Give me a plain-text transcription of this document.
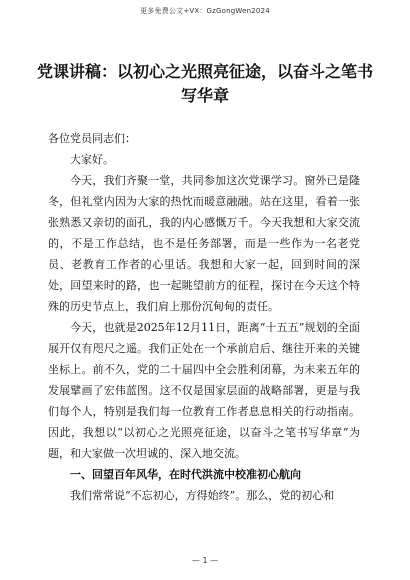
更多免费公文+VX：GzGongWen2024
党课讲稿：以初心之光照亮征途，以奋斗之笔书写华章

各位党员同志们：

大家好。

今天，我们齐聚一堂，共同参加这次党课学习。窗外已是隆冬，但礼堂内因为大家的热忱而暖意融融。站在这里，看着一张张熟悉又亲切的面孔，我的内心感慨万千。今天我想和大家交流的，不是工作总结，也不是任务部署，而是一些作为一名老党员、老教育工作者的心里话。我想和大家一起，回到时间的深处，回望来时的路，也一起眺望前方的征程，探讨在今天这个特殊的历史节点上，我们肩上那份沉甸甸的责任。

今天，也就是2025年12月11日，距离“十五五”规划的全面展开仅有咫尺之遥。我们正处在一个承前启后、继往开来的关键坐标上。前不久，党的二十届四中全会胜利闭幕，为未来五年的发展擘画了宏伟蓝图。这不仅是国家层面的战略部署，更是与我们每个人，特别是我们每一位教育工作者息息相关的行动指南。因此，我想以“以初心之光照亮征途，以奋斗之笔书写华章”为题，和大家做一次坦诚的、深入地交流。

一、回望百年风华，在时代洪流中校准初心航向

我们常常说“不忘初心，方得始终”。那么，党的初心和

— 1 —
